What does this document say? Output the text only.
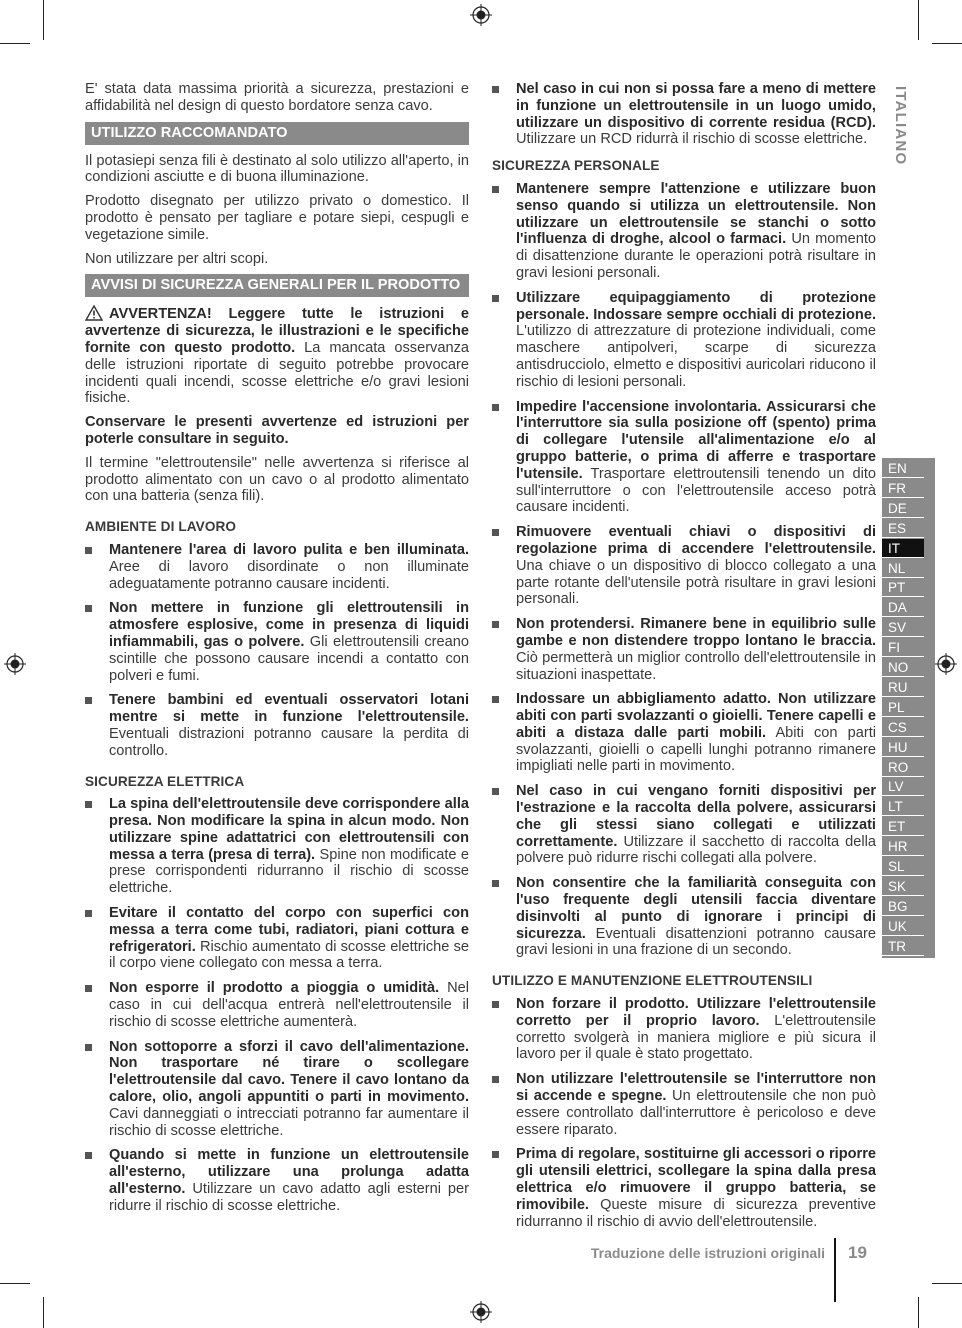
E' stata data massima priorità a sicurezza, prestazioni e affidabilità nel design di questo bordatore senza cavo.

UTILIZZO RACCOMANDATO

Il potasiepi senza fili è destinato al solo utilizzo all'aperto, in condizioni asciutte e di buona illuminazione.

Prodotto disegnato per utilizzo privato o domestico. Il prodotto è pensato per tagliare e potare siepi, cespugli e vegetazione simile.

Non utilizzare per altri scopi.

AVVISI DI SICUREZZA GENERALI PER IL PRODOTTO

AVVERTENZA! Leggere tutte le istruzioni e avvertenze di sicurezza, le illustrazioni e le specifiche fornite con questo prodotto. La mancata osservanza delle istruzioni riportate di seguito potrebbe provocare incidenti quali incendi, scosse elettriche e/o gravi lesioni fisiche.

Conservare le presenti avvertenze ed istruzioni per poterle consultare in seguito.

Il termine "elettroutensile" nelle avvertenza si riferisce al prodotto alimentato con un cavo o al prodotto alimentato con una batteria (senza fili).

AMBIENTE DI LAVORO
Mantenere l'area di lavoro pulita e ben illuminata. Aree di lavoro disordinate o non illuminate adeguatamente potranno causare incidenti.
Non mettere in funzione gli elettroutensili in atmosfere esplosive, come in presenza di liquidi infiammabili, gas o polvere. Gli elettroutensili creano scintille che possono causare incendi a contatto con polveri e fumi.
Tenere bambini ed eventuali osservatori lotani mentre si mette in funzione l'elettroutensile. Eventuali distrazioni potranno causare la perdita di controllo.
SICUREZZA ELETTRICA
La spina dell'elettroutensile deve corrispondere alla presa. Non modificare la spina in alcun modo. Non utilizzare spine adattatrici con elettroutensili con messa a terra (presa di terra). Spine non modificate e prese corrispondenti ridurranno il rischio di scosse elettriche.
Evitare il contatto del corpo con superfici con messa a terra come tubi, radiatori, piani cottura e refrigeratori. Rischio aumentato di scosse elettriche se il corpo viene collegato con messa a terra.
Non esporre il prodotto a pioggia o umidità. Nel caso in cui dell'acqua entrerà nell'elettroutensile il rischio di scosse elettriche aumenterà.
Non sottoporre a sforzi il cavo dell'alimentazione. Non trasportare né tirare o scollegare l'elettroutensile dal cavo. Tenere il cavo lontano da calore, olio, angoli appuntiti o parti in movimento. Cavi danneggiati o intrecciati potranno far aumentare il rischio di scosse elettriche.
Quando si mette in funzione un elettroutensile all'esterno, utilizzare una prolunga adatta all'esterno. Utilizzare un cavo adatto agli esterni per ridurre il rischio di scosse elettriche.
Nel caso in cui non si possa fare a meno di mettere in funzione un elettroutensile in un luogo umido, utilizzare un dispositivo di corrente residua (RCD). Utilizzare un RCD ridurrà il rischio di scosse elettriche.
SICUREZZA PERSONALE
Mantenere sempre l'attenzione e utilizzare buon senso quando si utilizza un elettroutensile. Non utilizzare un elettroutensile se stanchi o sotto l'influenza di droghe, alcool o farmaci. Un momento di disattenzione durante le operazioni potrà risultare in gravi lesioni personali.
Utilizzare equipaggiamento di protezione personale. Indossare sempre occhiali di protezione. L'utilizzo di attrezzature di protezione individuali, come maschere antipolveri, scarpe di sicurezza antisdrucciolo, elmetto e dispositivi auricolari riducono il rischio di lesioni personali.
Impedire l'accensione involontaria. Assicurarsi che l'interruttore sia sulla posizione off (spento) prima di collegare l'utensile all'alimentazione e/o al gruppo batterie, o prima di afferre e trasportare l'utensile. Trasportare elettroutensili tenendo un dito sull'interruttore o con l'elettroutensile acceso potrà causare incidenti.
Rimuovere eventuali chiavi o dispositivi di regolazione prima di accendere l'elettroutensile. Una chiave o un dispositivo di blocco collegato a una parte rotante dell'utensile potrà risultare in gravi lesioni personali.
Non protendersi. Rimanere bene in equilibrio sulle gambe e non distendere troppo lontano le braccia. Ciò permetterà un miglior controllo dell'elettroutensile in situazioni inaspettate.
Indossare un abbigliamento adatto. Non utilizzare abiti con parti svolazzanti o gioielli. Tenere capelli e abiti a distaza dalle parti mobili. Abiti con parti svolazzanti, gioielli o capelli lunghi potranno rimanere impigliati nelle parti in movimento.
Nel caso in cui vengano forniti dispositivi per l'estrazione e la raccolta della polvere, assicurarsi che gli stessi siano collegati e utilizzati correttamente. Utilizzare il sacchetto di raccolta della polvere può ridurre rischi collegati alla polvere.
Non consentire che la familiarità conseguita con l'uso frequente degli utensili faccia diventare disinvolti al punto di ignorare i principi di sicurezza. Eventuali disattenzioni potranno causare gravi lesioni in una frazione di un secondo.
UTILIZZO E MANUTENZIONE ELETTROUTENSILI
Non forzare il prodotto. Utilizzare l'elettroutensile corretto per il proprio lavoro. L'elettroutensile corretto svolgerà in maniera migliore e più sicura il lavoro per il quale è stato progettato.
Non utilizzare l'elettroutensile se l'interruttore non si accende e spegne. Un elettroutensile che non può essere controllato dall'interruttore è pericoloso e deve essere riparato.
Prima di regolare, sostituirne gli accessori o riporre gli utensili elettrici, scollegare la spina dalla presa elettrica e/o rimuovere il gruppo batteria, se rimovibile. Queste misure di sicurezza preventive ridurranno il rischio di avvio dell'elettroutensile.
ITALIANO
EN
FR
DE
ES
IT
NL
PT
DA
SV
FI
NO
RU
PL
CS
HU
RO
LV
LT
ET
HR
SL
SK
BG
UK
TR
Traduzione delle istruzioni originali 19
